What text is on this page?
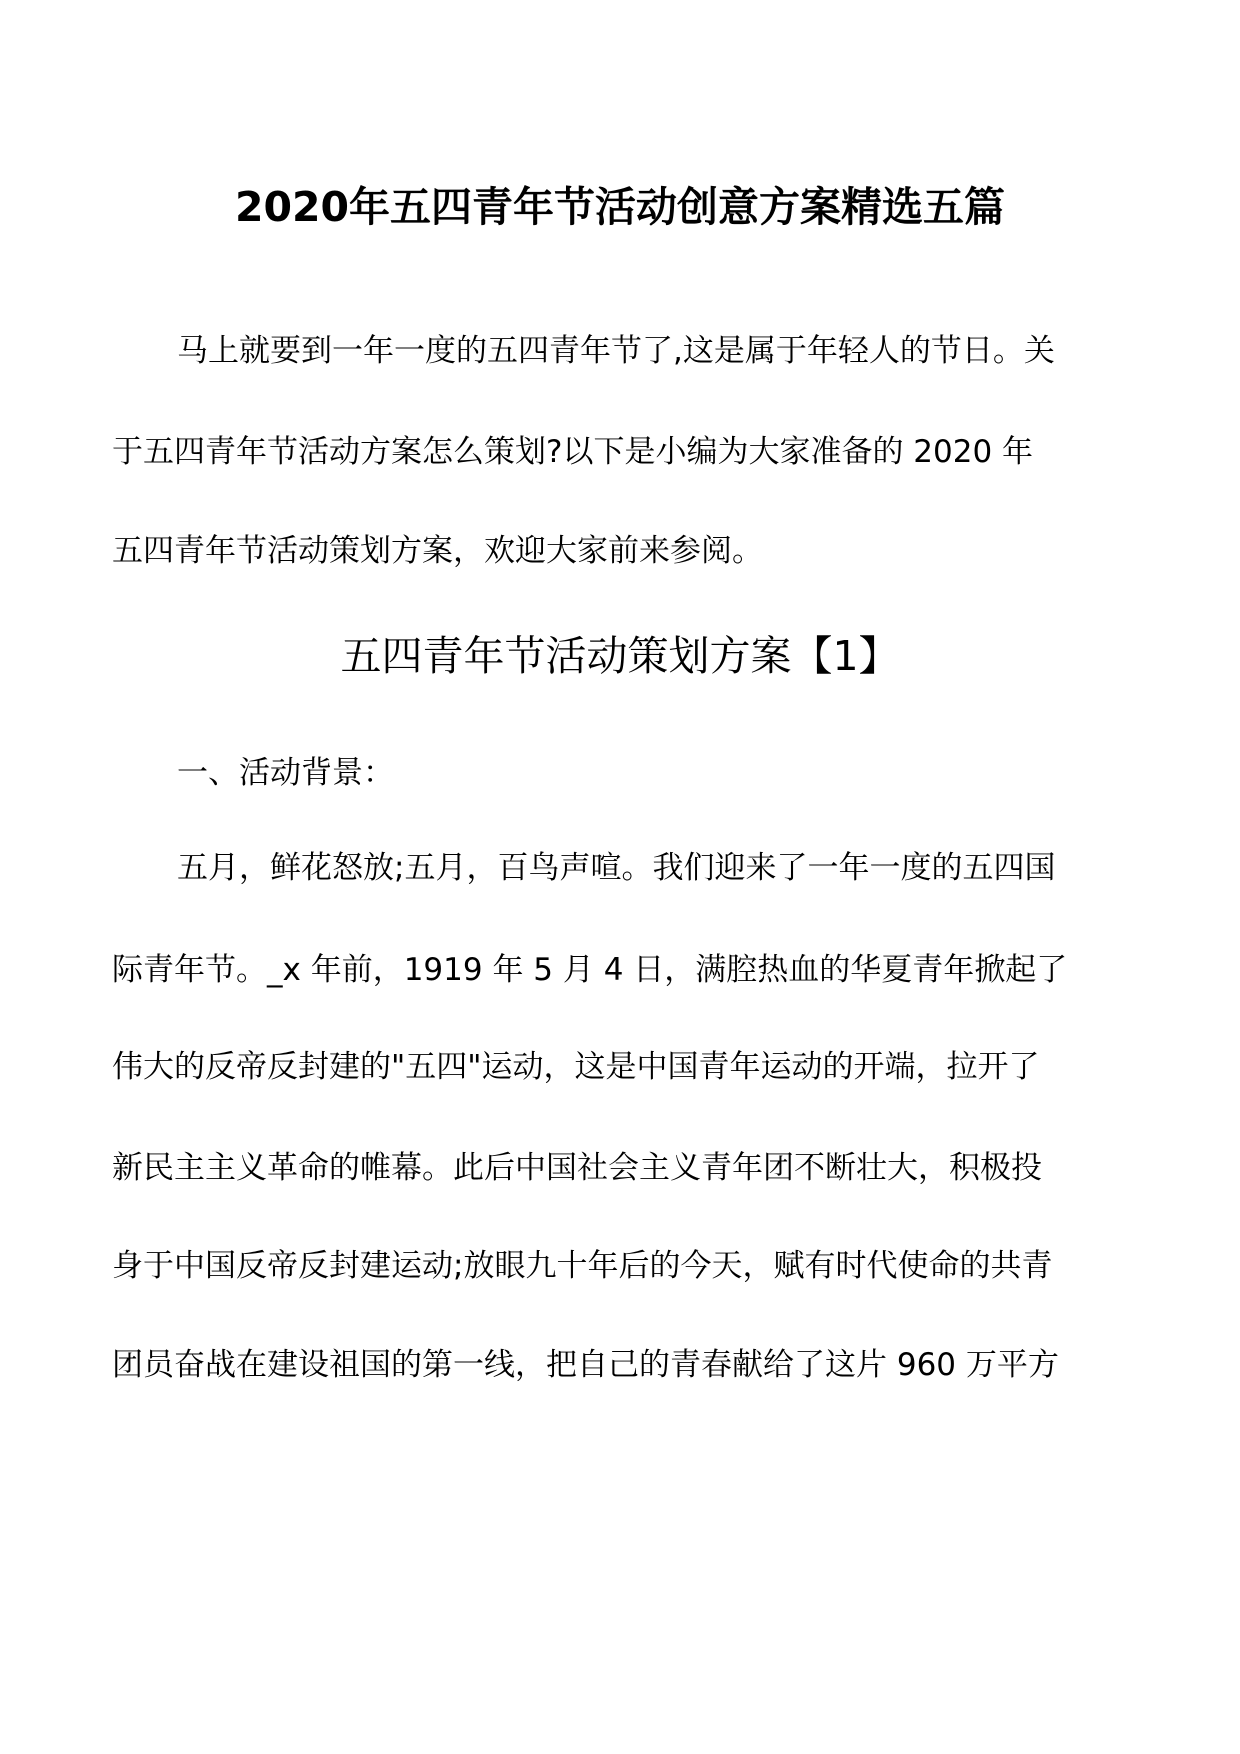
2020年五四青年节活动创意方案精选五篇
马上就要到一年一度的五四青年节了,这是属于年轻人的节日。关
于五四青年节活动方案怎么策划?以下是小编为大家准备的 2020 年
五四青年节活动策划方案，欢迎大家前来参阅。
五四青年节活动策划方案【1】
一、活动背景：
五月，鲜花怒放;五月，百鸟声喧。我们迎来了一年一度的五四国
际青年节。_x 年前，1919 年 5 月 4 日，满腔热血的华夏青年掀起了
伟大的反帝反封建的"五四"运动，这是中国青年运动的开端，拉开了
新民主主义革命的帷幕。此后中国社会主义青年团不断壮大，积极投
身于中国反帝反封建运动;放眼九十年后的今天，赋有时代使命的共青
团员奋战在建设祖国的第一线，把自己的青春献给了这片 960 万平方
